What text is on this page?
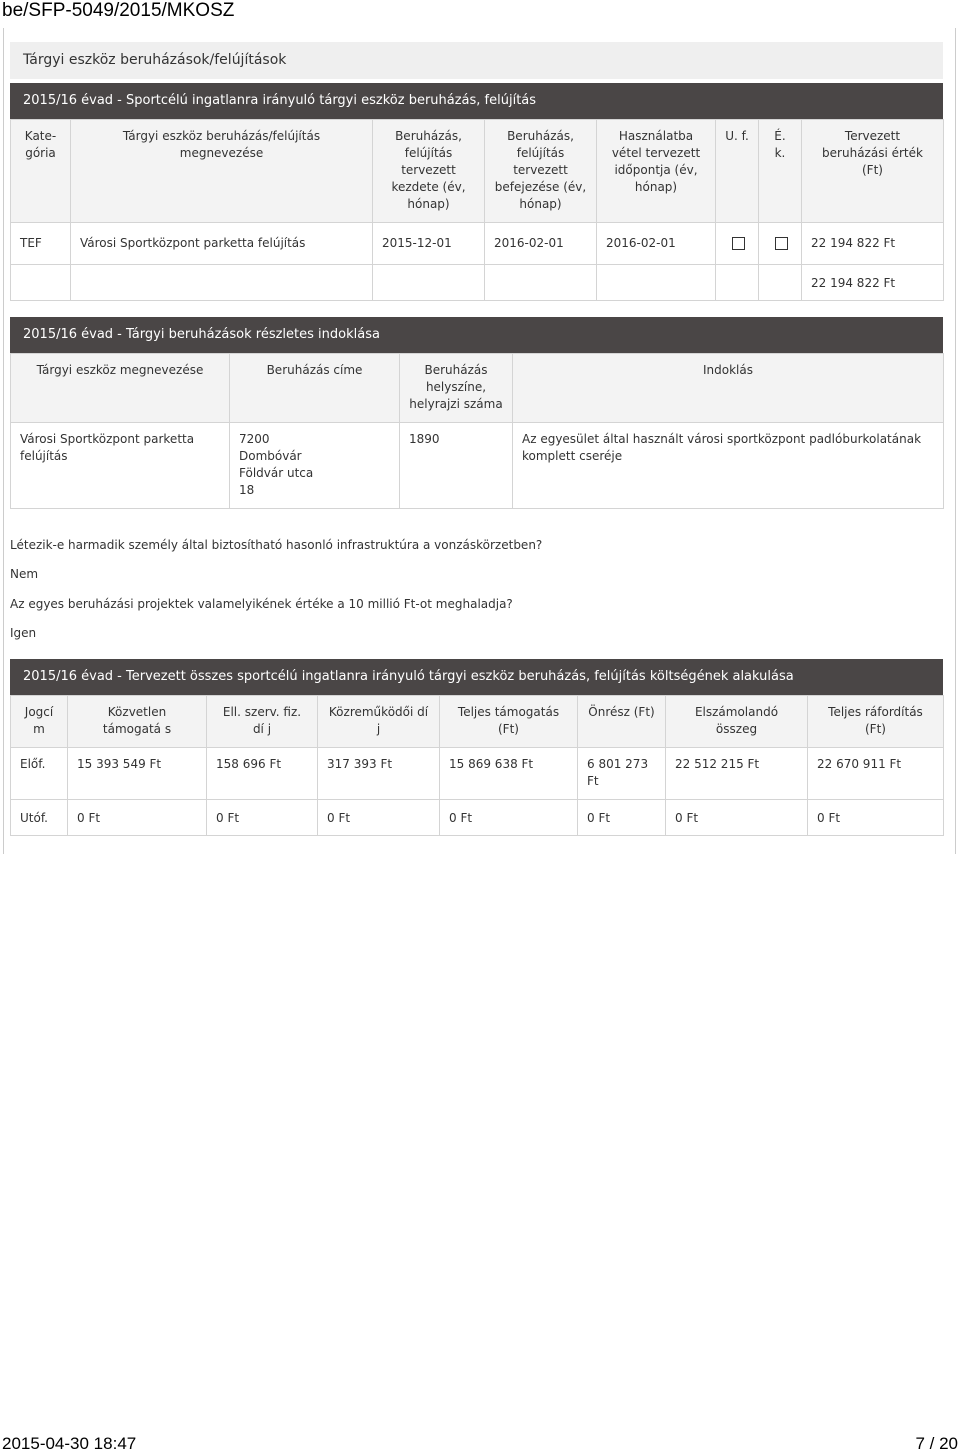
be/SFP-5049/2015/MKOSZ
Tárgyi eszköz beruházások/felújítások
2015/16 évad - Sportcélú ingatlanra irányuló tárgyi eszköz beruházás, felújítás
Kate-gória	Tárgyi eszköz beruházás/felújítás megnevezése	Beruházás, felújítás tervezett kezdete (év, hónap)	Beruházás, felújítás tervezett befejezése (év, hónap)	Használatba vétel tervezett időpontja (év, hónap)	U. f.	É. k.	Tervezett beruházási érték (Ft)
TEF	Városi Sportközpont parketta felújítás	2015-12-01	2016-02-01	2016-02-01			22 194 822 Ft
							22 194 822 Ft
2015/16 évad - Tárgyi beruházások részletes indoklása
Tárgyi eszköz megnevezése	Beruházás címe	Beruházás helyszíne, helyrajzi száma	Indoklás
Városi Sportközpont parketta felújítás	7200
Dombóvár
Földvár utca
18	1890	Az egyesület által használt városi sportközpont padlóburkolatának komplett cseréje
Létezik-e harmadik személy által biztosítható hasonló infrastruktúra a vonzáskörzetben?
Nem
Az egyes beruházási projektek valamelyikének értéke a 10 millió Ft-ot meghaladja?
Igen
2015/16 évad - Tervezett összes sportcélú ingatlanra irányuló tárgyi eszköz beruházás, felújítás költségének alakulása
Jogcí m	Közvetlen támogatá s	Ell. szerv. fiz. dí j	Közreműködői dí j	Teljes támogatás (Ft)	Önrész (Ft)	Elszámolandó összeg	Teljes ráfordítás (Ft)
Előf.	15 393 549 Ft	158 696 Ft	317 393 Ft	15 869 638 Ft	6 801 273 Ft	22 512 215 Ft	22 670 911 Ft
Utóf.	0 Ft	0 Ft	0 Ft	0 Ft	0 Ft	0 Ft	0 Ft
2015-04-30 18:47	7 / 20
